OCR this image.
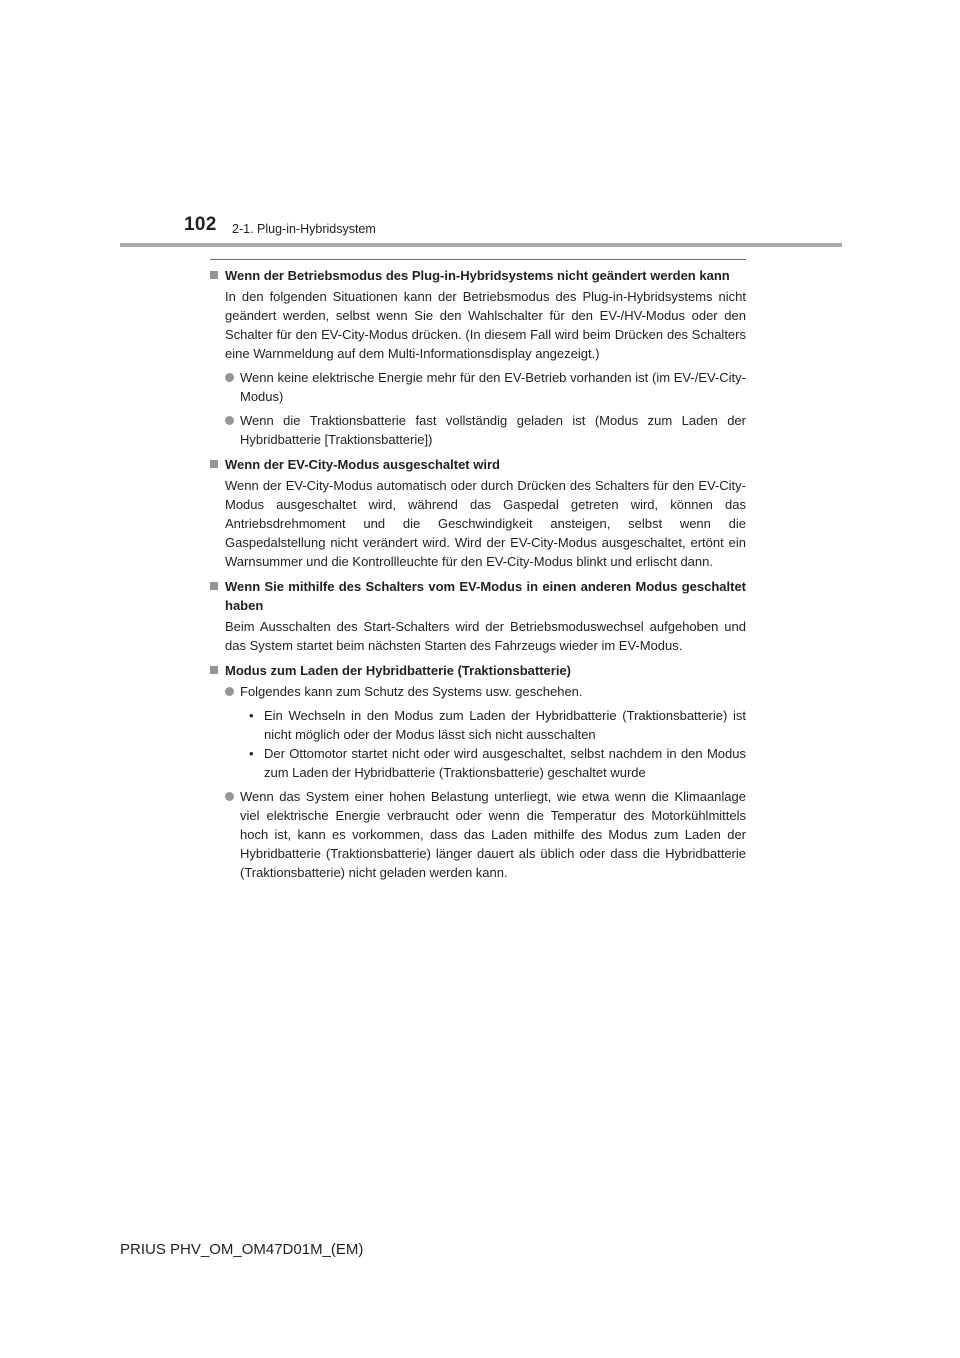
102 2-1. Plug-in-Hybridsystem
Wenn der Betriebsmodus des Plug-in-Hybridsystems nicht geändert werden kann
In den folgenden Situationen kann der Betriebsmodus des Plug-in-Hybridsystems nicht geändert werden, selbst wenn Sie den Wahlschalter für den EV-/HV-Modus oder den Schalter für den EV-City-Modus drücken. (In diesem Fall wird beim Drücken des Schalters eine Warnmeldung auf dem Multi-Informationsdisplay angezeigt.)
Wenn keine elektrische Energie mehr für den EV-Betrieb vorhanden ist (im EV-/EV-City-Modus)
Wenn die Traktionsbatterie fast vollständig geladen ist (Modus zum Laden der Hybridbatterie [Traktionsbatterie])
Wenn der EV-City-Modus ausgeschaltet wird
Wenn der EV-City-Modus automatisch oder durch Drücken des Schalters für den EV-City-Modus ausgeschaltet wird, während das Gaspedal getreten wird, können das Antriebsdrehmoment und die Geschwindigkeit ansteigen, selbst wenn die Gaspedalstellung nicht verändert wird. Wird der EV-City-Modus ausgeschaltet, ertönt ein Warnsummer und die Kontrollleuchte für den EV-City-Modus blinkt und erlischt dann.
Wenn Sie mithilfe des Schalters vom EV-Modus in einen anderen Modus geschaltet haben
Beim Ausschalten des Start-Schalters wird der Betriebsmoduswechsel aufgehoben und das System startet beim nächsten Starten des Fahrzeugs wieder im EV-Modus.
Modus zum Laden der Hybridbatterie (Traktionsbatterie)
Folgendes kann zum Schutz des Systems usw. geschehen.
• Ein Wechseln in den Modus zum Laden der Hybridbatterie (Traktionsbatterie) ist nicht möglich oder der Modus lässt sich nicht ausschalten
• Der Ottomotor startet nicht oder wird ausgeschaltet, selbst nachdem in den Modus zum Laden der Hybridbatterie (Traktionsbatterie) geschaltet wurde
Wenn das System einer hohen Belastung unterliegt, wie etwa wenn die Klimaanlage viel elektrische Energie verbraucht oder wenn die Temperatur des Motorkühlmittels hoch ist, kann es vorkommen, dass das Laden mithilfe des Modus zum Laden der Hybridbatterie (Traktionsbatterie) länger dauert als üblich oder dass die Hybridbatterie (Traktionsbatterie) nicht geladen werden kann.
PRIUS PHV_OM_OM47D01M_(EM)
